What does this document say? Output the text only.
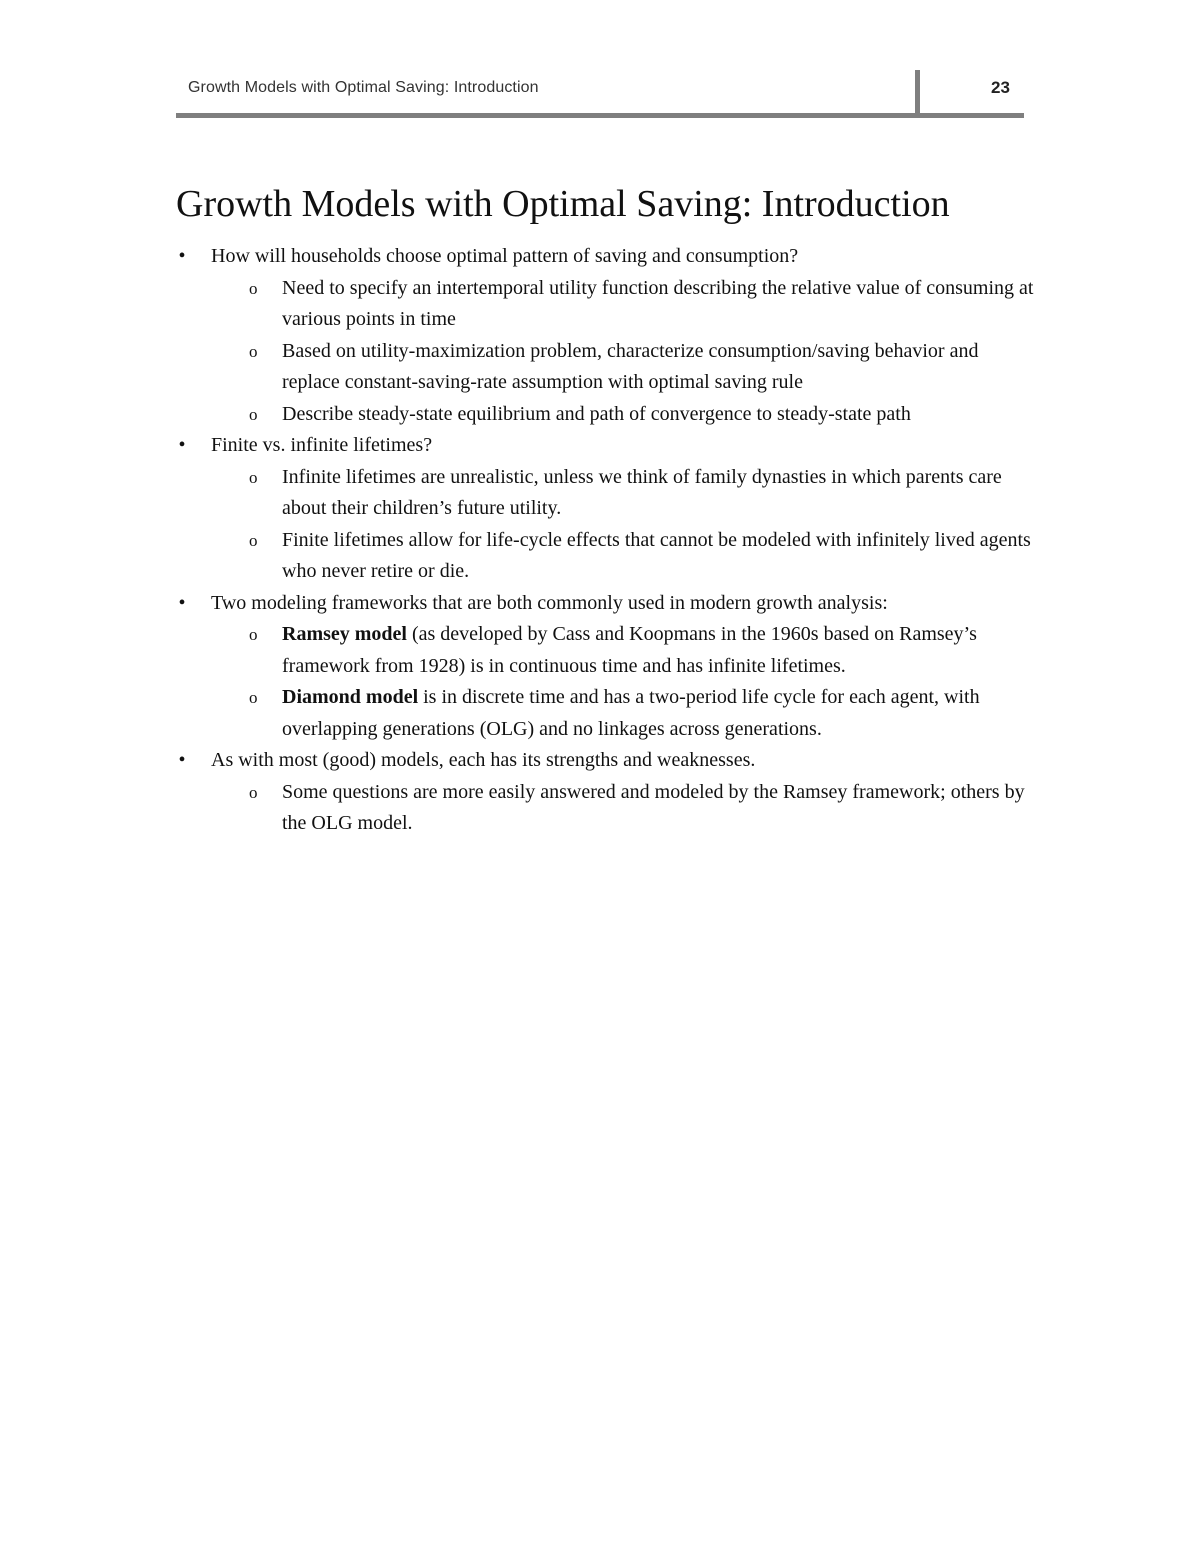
Growth Models with Optimal Saving: Introduction	23
Growth Models with Optimal Saving: Introduction
• How will households choose optimal pattern of saving and consumption?
o Need to specify an intertemporal utility function describing the relative value of consuming at various points in time
o Based on utility-maximization problem, characterize consumption/saving behavior and replace constant-saving-rate assumption with optimal saving rule
o Describe steady-state equilibrium and path of convergence to steady-state path
• Finite vs. infinite lifetimes?
o Infinite lifetimes are unrealistic, unless we think of family dynasties in which parents care about their children’s future utility.
o Finite lifetimes allow for life-cycle effects that cannot be modeled with infinitely lived agents who never retire or die.
• Two modeling frameworks that are both commonly used in modern growth analysis:
o Ramsey model (as developed by Cass and Koopmans in the 1960s based on Ramsey’s framework from 1928) is in continuous time and has infinite lifetimes.
o Diamond model is in discrete time and has a two-period life cycle for each agent, with overlapping generations (OLG) and no linkages across generations.
• As with most (good) models, each has its strengths and weaknesses.
o Some questions are more easily answered and modeled by the Ramsey framework; others by the OLG model.
